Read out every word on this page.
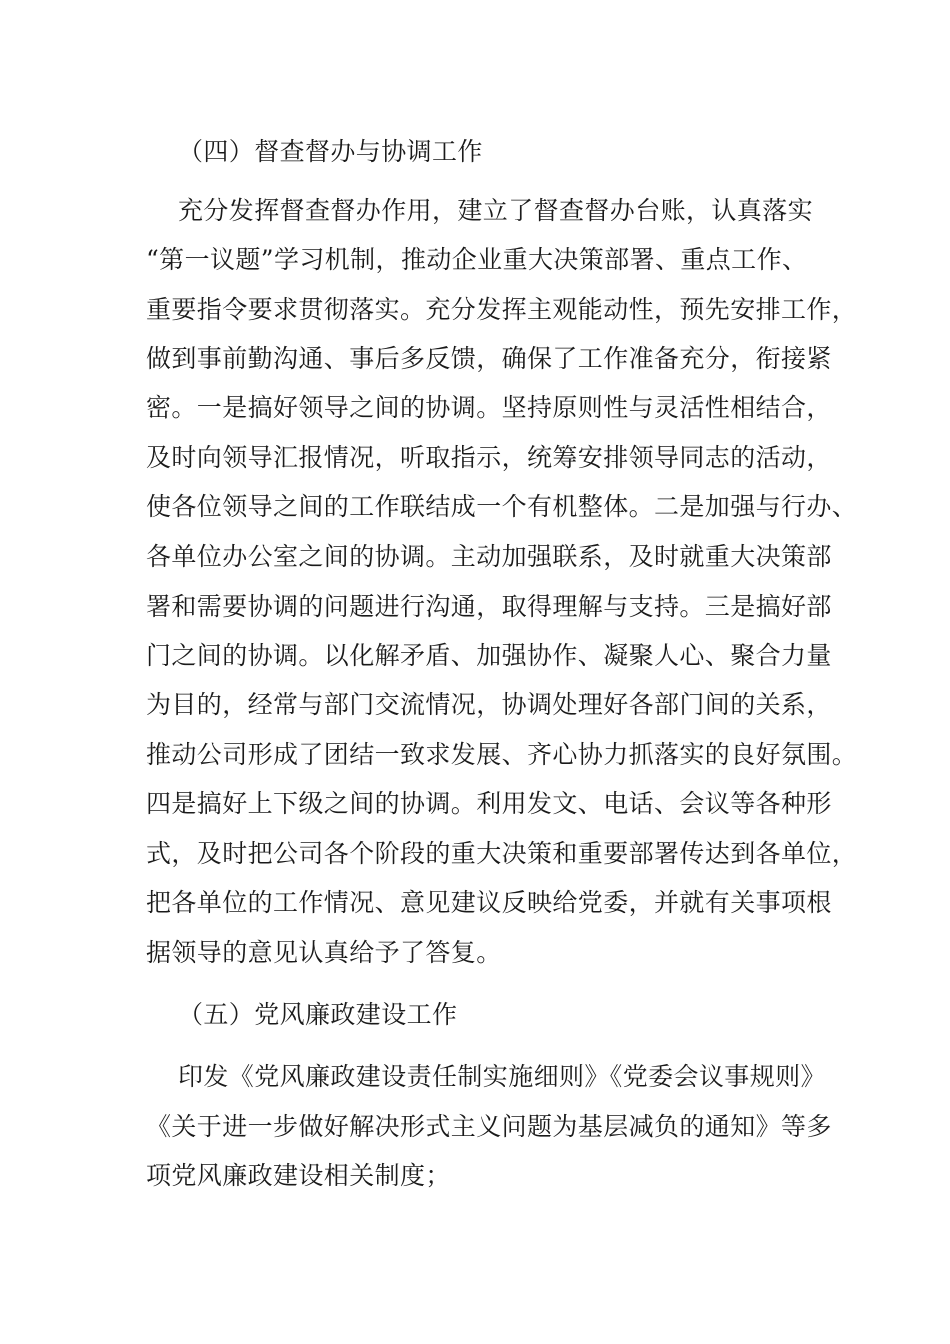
（四）督查督办与协调工作
充分发挥督查督办作用，建立了督查督办台账，认真落实
“第一议题”学习机制，推动企业重大决策部署、重点工作、
重要指令要求贯彻落实。充分发挥主观能动性，预先安排工作，
做到事前勤沟通、事后多反馈，确保了工作准备充分，衔接紧
密。一是搞好领导之间的协调。坚持原则性与灵活性相结合，
及时向领导汇报情况，听取指示，统筹安排领导同志的活动，
使各位领导之间的工作联结成一个有机整体。二是加强与行办、
各单位办公室之间的协调。主动加强联系，及时就重大决策部
署和需要协调的问题进行沟通，取得理解与支持。三是搞好部
门之间的协调。以化解矛盾、加强协作、凝聚人心、聚合力量
为目的，经常与部门交流情况，协调处理好各部门间的关系，
推动公司形成了团结一致求发展、齐心协力抓落实的良好氛围。
四是搞好上下级之间的协调。利用发文、电话、会议等各种形
式，及时把公司各个阶段的重大决策和重要部署传达到各单位，
把各单位的工作情况、意见建议反映给党委，并就有关事项根
据领导的意见认真给予了答复。
（五）党风廉政建设工作
印发《党风廉政建设责任制实施细则》《党委会议事规则》
《关于进一步做好解决形式主义问题为基层减负的通知》等多
项党风廉政建设相关制度；
